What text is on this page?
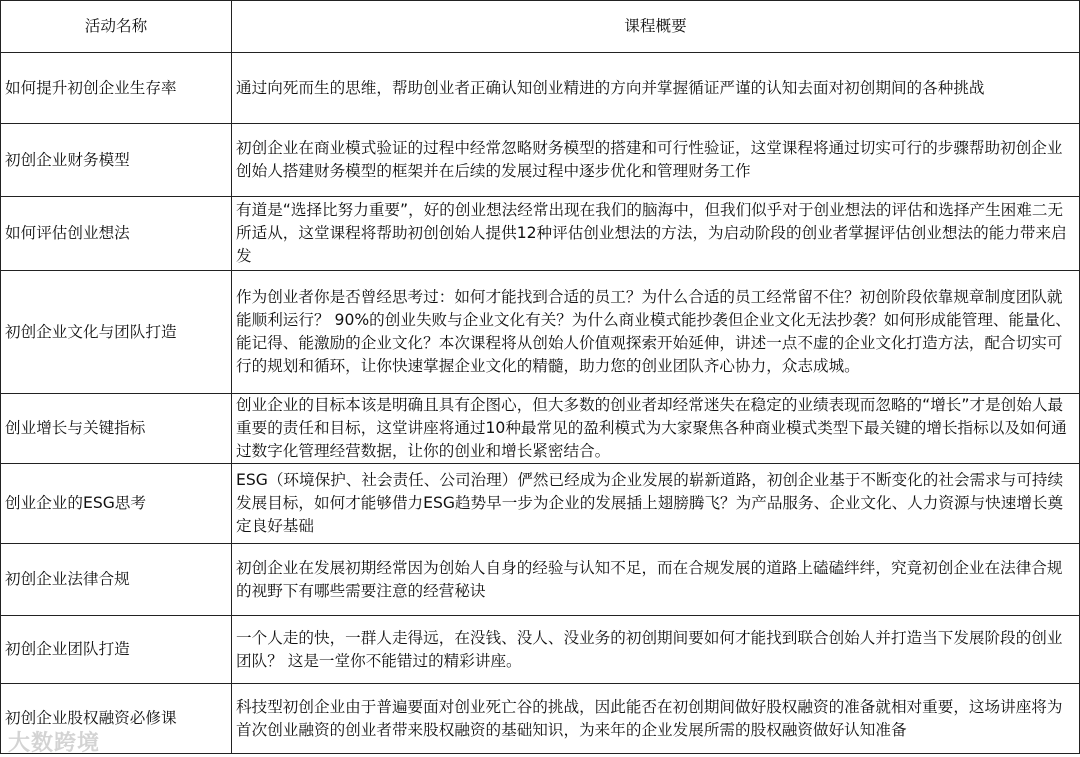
活动名称	课程概要
如何提升初创企业生存率	通过向死而生的思维，帮助创业者正确认知创业精进的方向并掌握循证严谨的认知去面对初创期间的各种挑战
初创企业财务模型	初创企业在商业模式验证的过程中经常忽略财务模型的搭建和可行性验证，这堂课程将通过切实可行的步骤帮助初创企业创始人搭建财务模型的框架并在后续的发展过程中逐步优化和管理财务工作
如何评估创业想法	有道是“选择比努力重要”，好的创业想法经常出现在我们的脑海中，但我们似乎对于创业想法的评估和选择产生困难二无所适从，这堂课程将帮助初创创始人提供12种评估创业想法的方法，为启动阶段的创业者掌握评估创业想法的能力带来启发
初创企业文化与团队打造	作为创业者你是否曾经思考过：如何才能找到合适的员工？为什么合适的员工经常留不住？初创阶段依靠规章制度团队就能顺利运行？ 90%的创业失败与企业文化有关？为什么商业模式能抄袭但企业文化无法抄袭？如何形成能管理、能量化、能记得、能激励的企业文化？本次课程将从创始人价值观探索开始延伸，讲述一点不虚的企业文化打造方法，配合切实可行的规划和循环，让你快速掌握企业文化的精髓，助力您的创业团队齐心协力，众志成城。
创业增长与关键指标	创业企业的目标本该是明确且具有企图心，但大多数的创业者却经常迷失在稳定的业绩表现而忽略的“增长”才是创始人最重要的责任和目标，这堂讲座将通过10种最常见的盈利模式为大家聚焦各种商业模式类型下最关键的增长指标以及如何通过数字化管理经营数据，让你的创业和增长紧密结合。
创业企业的ESG思考	ESG（环境保护、社会责任、公司治理）俨然已经成为企业发展的崭新道路，初创企业基于不断变化的社会需求与可持续发展目标，如何才能够借力ESG趋势早一步为企业的发展插上翅膀腾飞？为产品服务、企业文化、人力资源与快速增长奠定良好基础
初创企业法律合规	初创企业在发展初期经常因为创始人自身的经验与认知不足，而在合规发展的道路上磕磕绊绊，究竟初创企业在法律合规的视野下有哪些需要注意的经营秘诀
初创企业团队打造	一个人走的快，一群人走得远，在没钱、没人、没业务的初创期间要如何才能找到联合创始人并打造当下发展阶段的创业团队？ 这是一堂你不能错过的精彩讲座。
初创企业股权融资必修课	科技型初创企业由于普遍要面对创业死亡谷的挑战，因此能否在初创期间做好股权融资的准备就相对重要，这场讲座将为首次创业融资的创业者带来股权融资的基础知识，为来年的企业发展所需的股权融资做好认知准备
大数跨境
